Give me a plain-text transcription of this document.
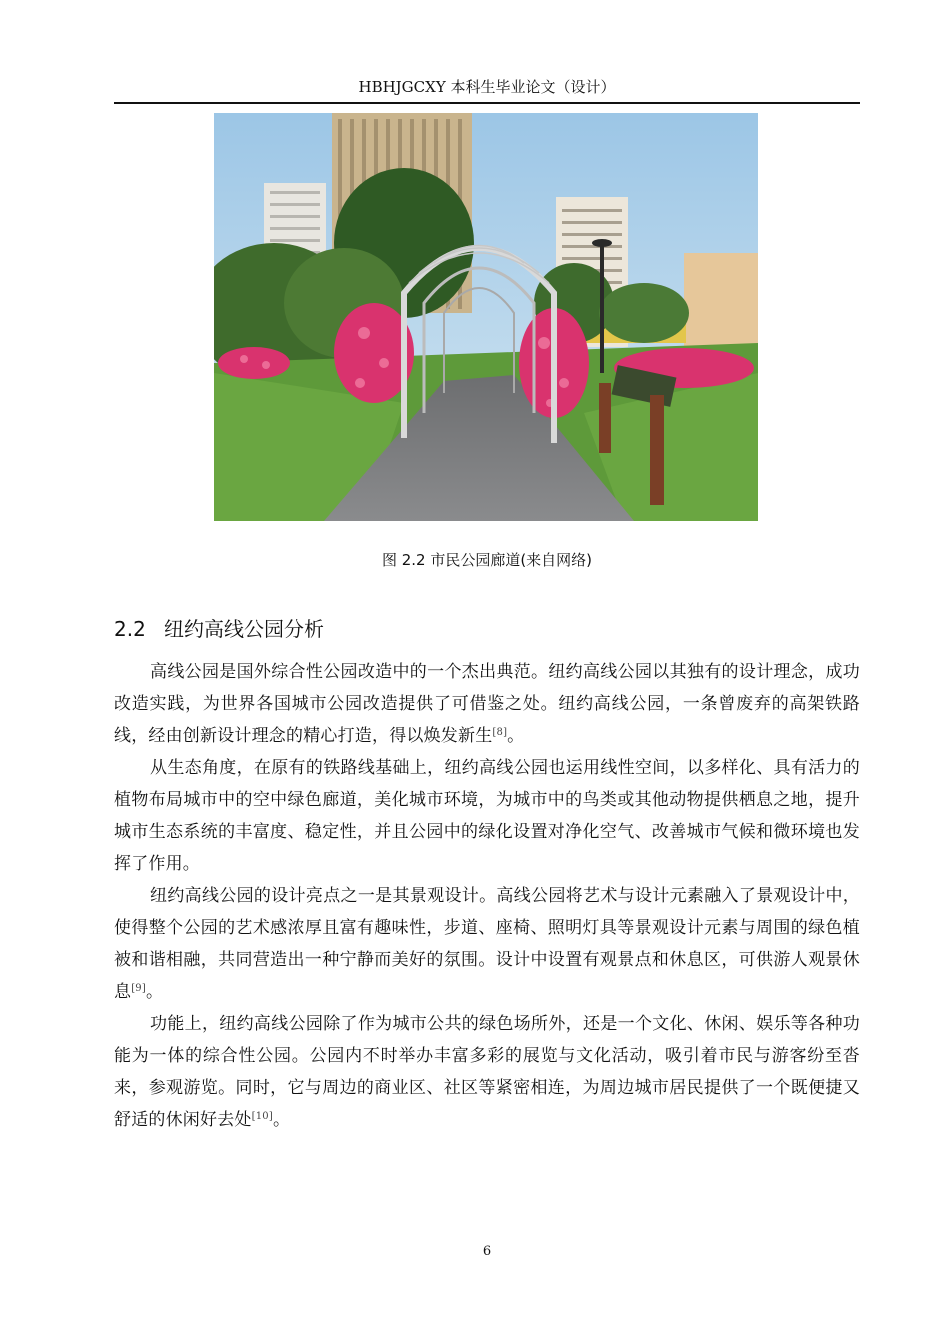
HBHJGCXY 本科生毕业论文（设计）
图 2.2 市民公园廊道(来自网络)
2.2 纽约高线公园分析

高线公园是国外综合性公园改造中的一个杰出典范。纽约高线公园以其独有的设计理念，成功改造实践，为世界各国城市公园改造提供了可借鉴之处。纽约高线公园，一条曾废弃的高架铁路线，经由创新设计理念的精心打造，得以焕发新生[8]。

从生态角度，在原有的铁路线基础上，纽约高线公园也运用线性空间，以多样化、具有活力的植物布局城市中的空中绿色廊道，美化城市环境，为城市中的鸟类或其他动物提供栖息之地，提升城市生态系统的丰富度、稳定性，并且公园中的绿化设置对净化空气、改善城市气候和微环境也发挥了作用。

纽约高线公园的设计亮点之一是其景观设计。高线公园将艺术与设计元素融入了景观设计中，使得整个公园的艺术感浓厚且富有趣味性，步道、座椅、照明灯具等景观设计元素与周围的绿色植被和谐相融，共同营造出一种宁静而美好的氛围。设计中设置有观景点和休息区，可供游人观景休息[9]。

功能上，纽约高线公园除了作为城市公共的绿色场所外，还是一个文化、休闲、娱乐等各种功能为一体的综合性公园。公园内不时举办丰富多彩的展览与文化活动，吸引着市民与游客纷至沓来，参观游览。同时，它与周边的商业区、社区等紧密相连，为周边城市居民提供了一个既便捷又舒适的休闲好去处[10]。

6
